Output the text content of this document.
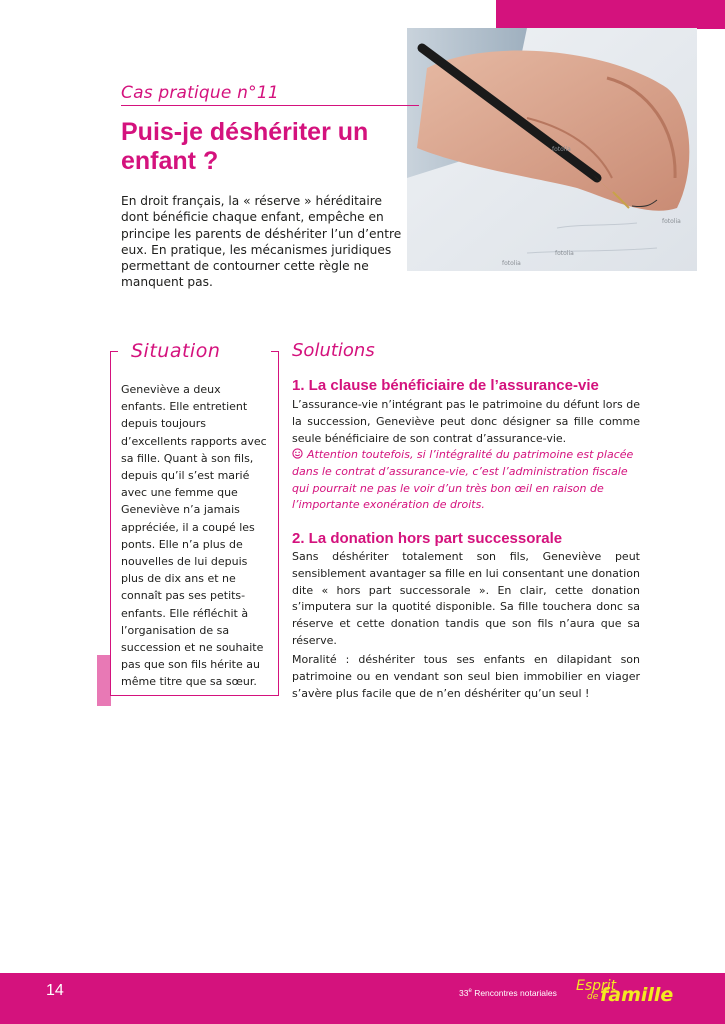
fotolia
fotolia
fotolia
fotolia
Cas pratique n°11
Puis-je déshériter un enfant ?

En droit français, la « réserve » héréditaire dont bénéficie chaque enfant, empêche en principe les parents de déshériter l’un d’entre eux. En pratique, les mécanismes juridiques permettant de contourner cette règle ne manquent pas.

Situation

Geneviève a deux enfants. Elle entretient depuis toujours d’excellents rapports avec sa fille. Quant à son fils, depuis qu’il s’est marié avec une femme que Geneviève n’a jamais appréciée, il a coupé les ponts. Elle n’a plus de nouvelles de lui depuis plus de dix ans et ne connaît pas ses petits-enfants. Elle réfléchit à l’organisation de sa succession et ne souhaite pas que son fils hérite au même titre que sa sœur.

Solutions
1. La clause bénéficiaire de l’assurance-vie

L’assurance-vie n’intégrant pas le patrimoine du défunt lors de la succession, Geneviève peut donc désigner sa fille comme seule bénéficiaire de son contrat d’assurance-vie.

Attention toutefois, si l’intégralité du patrimoine est placée dans le contrat d’assurance-vie, c’est l’administration fiscale qui pourrait ne pas le voir d’un très bon œil en raison de l’importante exonération de droits.
2. La donation hors part successorale

Sans déshériter totalement son fils, Geneviève peut sensiblement avantager sa fille en lui consentant une donation dite « hors part successorale ». En clair, cette donation s’imputera sur la quotité disponible. Sa fille touchera donc sa réserve et cette donation tandis que son fils n’aura que sa réserve.

Moralité : déshériter tous ses enfants en dilapidant son patrimoine ou en vendant son seul bien immobilier en viager s’avère plus facile que de n’en déshériter qu’un seul !

14	33e Rencontres notariales Esprit
de famille
